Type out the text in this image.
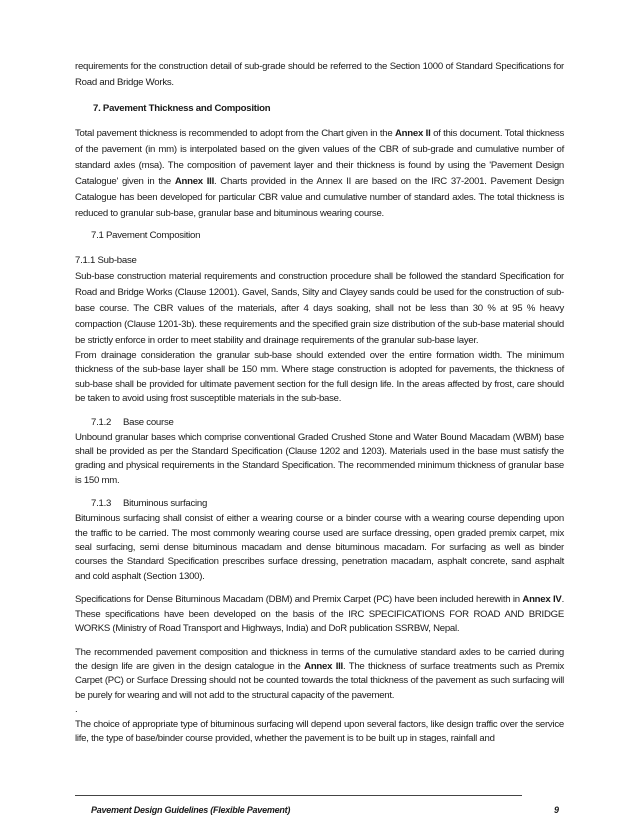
requirements for the construction detail of sub-grade should be referred to the Section 1000 of Standard Specifications for Road and Bridge Works.

7. Pavement Thickness and Composition

Total pavement thickness is recommended to adopt from the Chart given in the Annex II of this document. Total thickness of the pavement (in mm) is interpolated based on the given values of the CBR of sub-grade and cumulative number of standard axles (msa). The composition of pavement layer and their thickness is found by using the 'Pavement Design Catalogue' given in the Annex III. Charts provided in the Annex II are based on the IRC 37-2001. Pavement Design Catalogue has been developed for particular CBR value and cumulative number of standard axles. The total thickness is reduced to granular sub-base, granular base and bituminous wearing course.

7.1 Pavement Composition

7.1.1 Sub-base

Sub-base construction material requirements and construction procedure shall be followed the standard Specification for Road and Bridge Works (Clause 12001). Gavel, Sands, Silty and Clayey sands could be used for the construction of sub-base course. The CBR values of the materials, after 4 days soaking, shall not be less than 30 % at 95 % heavy compaction (Clause 1201-3b). these requirements and the specified grain size distribution of the sub-base material should be strictly enforce in order to meet stability and drainage requirements of the granular sub-base layer.

From drainage consideration the granular sub-base should extended over the entire formation width. The minimum thickness of the sub-base layer shall be 150 mm. Where stage construction is adopted for pavements, the thickness of sub-base shall be provided for ultimate pavement section for the full design life. In the areas affected by frost, care should be taken to avoid using frost susceptible materials in the sub-base.

7.1.2 Base course

Unbound granular bases which comprise conventional Graded Crushed Stone and Water Bound Macadam (WBM) base shall be provided as per the Standard Specification (Clause 1202 and 1203). Materials used in the base must satisfy the grading and physical requirements in the Standard Specification. The recommended minimum thickness of granular base is 150 mm.

7.1.3 Bituminous surfacing

Bituminous surfacing shall consist of either a wearing course or a binder course with a wearing course depending upon the traffic to be carried. The most commonly wearing course used are surface dressing, open graded premix carpet, mix seal surfacing, semi dense bituminous macadam and dense bituminous macadam. For surfacing as well as binder courses the Standard Specification prescribes surface dressing, penetration macadam, asphalt concrete, sand asphalt and cold asphalt (Section 1300).

Specifications for Dense Bituminous Macadam (DBM) and Premix Carpet (PC) have been included herewith in Annex IV. These specifications have been developed on the basis of the IRC SPECIFICATIONS FOR ROAD AND BRIDGE WORKS (Ministry of Road Transport and Highways, India) and DoR publication SSRBW, Nepal.

The recommended pavement composition and thickness in terms of the cumulative standard axles to be carried during the design life are given in the design catalogue in the Annex III. The thickness of surface treatments such as Premix Carpet (PC) or Surface Dressing should not be counted towards the total thickness of the pavement as such surfacing will be purely for wearing and will not add to the structural capacity of the pavement.

.

The choice of appropriate type of bituminous surfacing will depend upon several factors, like design traffic over the service life, the type of base/binder course provided, whether the pavement is to be built up in stages, rainfall and

Pavement Design Guidelines (Flexible Pavement)	9
